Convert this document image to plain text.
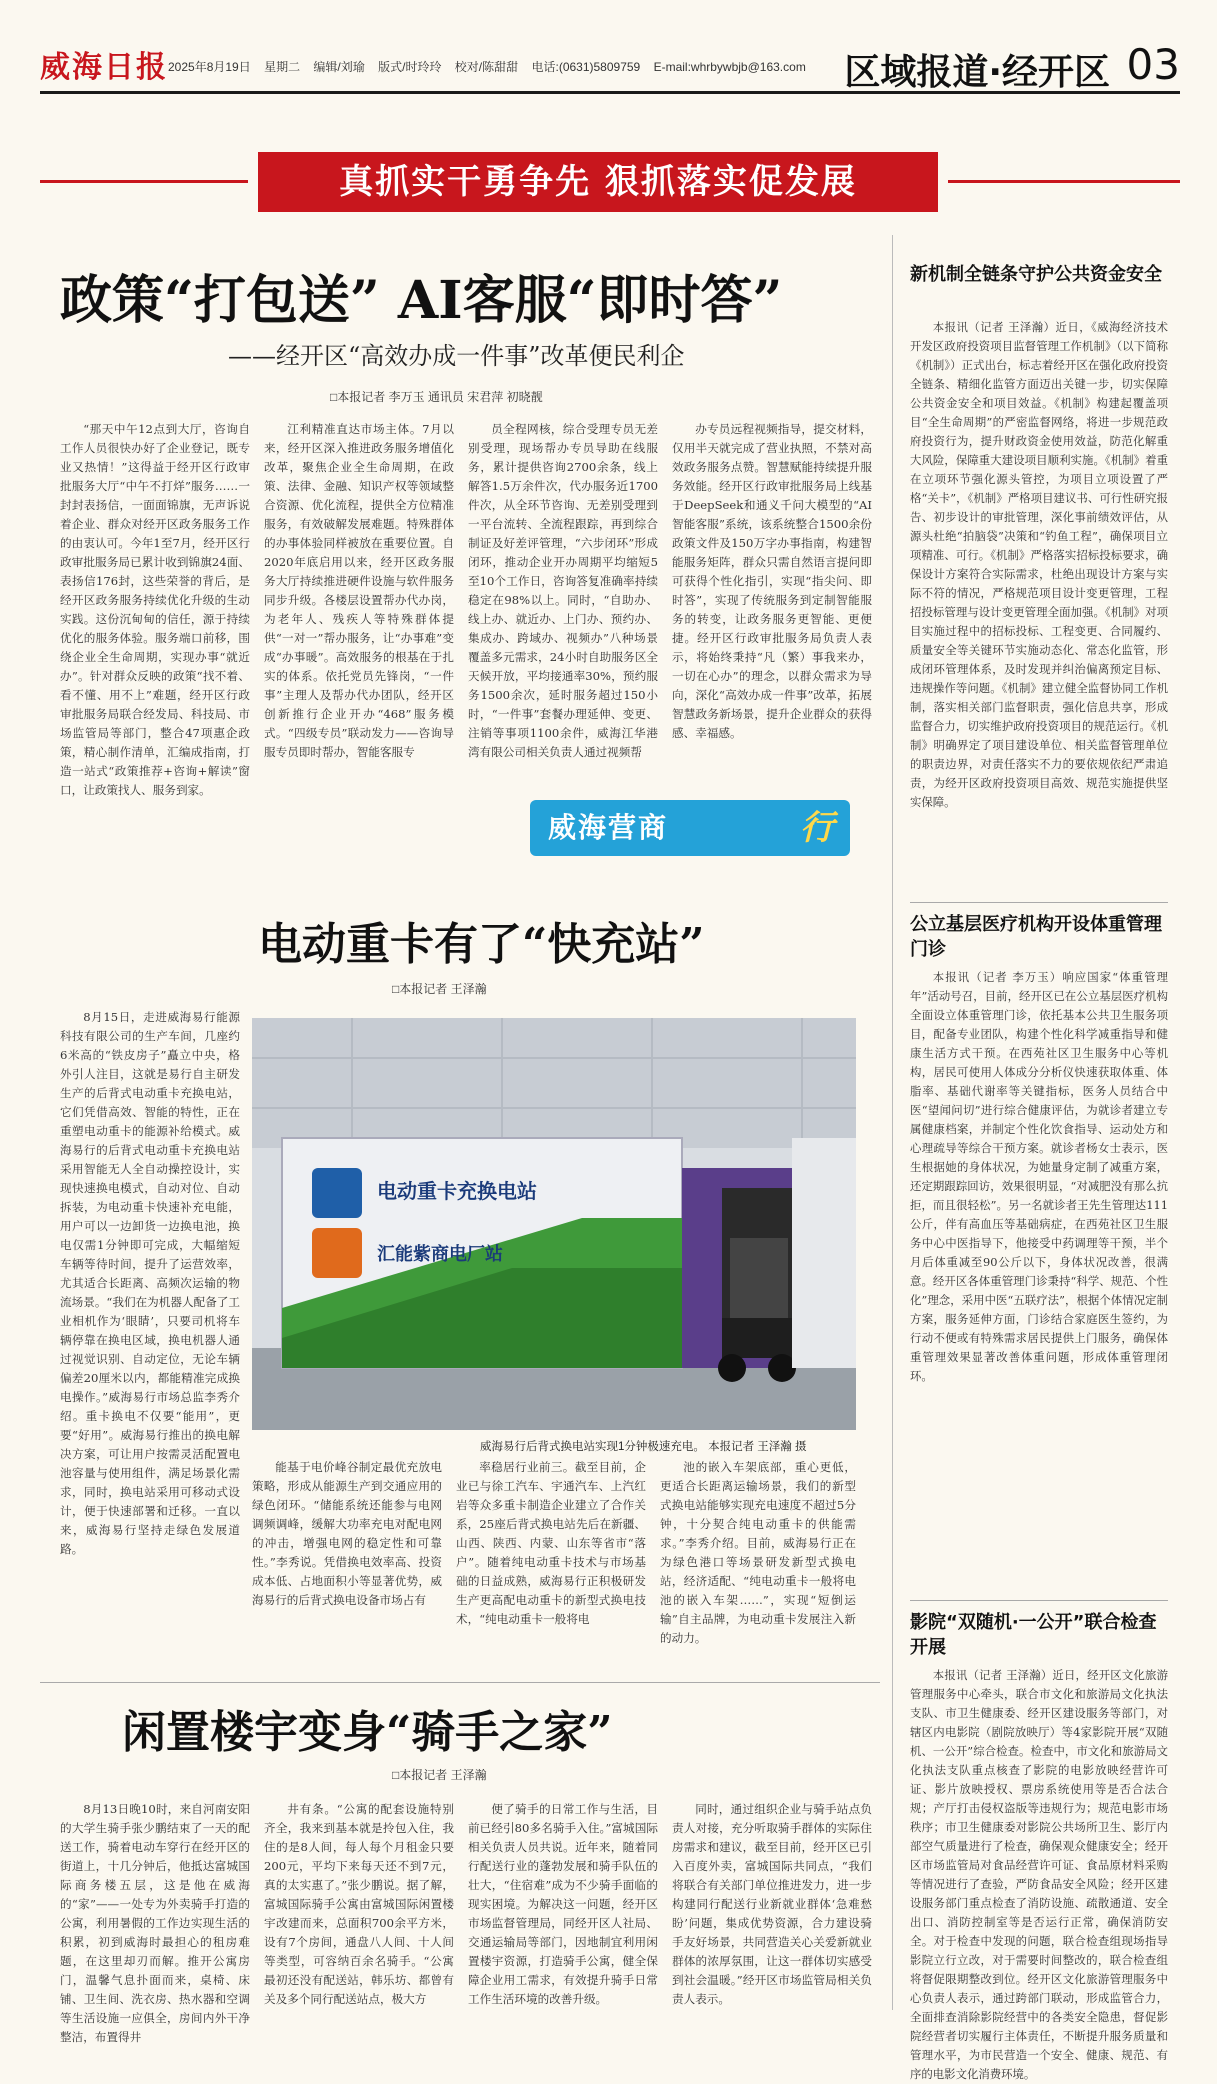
威海日报 2025年8月19日 星期二 编辑/刘瑜 版式/时玲玲 校对/陈甜甜 电话:(0631)5809759 E-mail:whrbywbjb@163.com 区域报道·经开区 03
真抓实干勇争先 狠抓落实促发展
政策“打包送” AI客服“即时答”
——经开区“高效办成一件事”改革便民利企
□本报记者 李万玉 通讯员 宋君萍 初晓靓

“那天中午12点到大厅，咨询自工作人员很快办好了企业登记，既专业又热情！”这得益于经开区行政审批服务大厅“中午不打烊”服务……一封封表扬信，一面面锦旗，无声诉说着企业、群众对经开区政务服务工作的由衷认可。今年1至7月，经开区行政审批服务局已累计收到锦旗24面、表扬信176封，这些荣誉的背后，是经开区政务服务持续优化升级的生动实践。这份沉甸甸的信任，源于持续优化的服务体验。服务端口前移，围绕企业全生命周期，实现办事“就近办”。针对群众反映的政策“找不着、看不懂、用不上”难题，经开区行政审批服务局联合经发局、科技局、市场监管局等部门，整合47项惠企政策，精心制作清单，汇编成指南，打造一站式“政策推荐+咨询+解读”窗口，让政策找人、服务到家。

江利精准直达市场主体。7月以来，经开区深入推进政务服务增值化改革，聚焦企业全生命周期，在政策、法律、金融、知识产权等领域整合资源、优化流程，提供全方位精准服务，有效破解发展难题。特殊群体的办事体验同样被放在重要位置。自2020年底启用以来，经开区政务服务大厅持续推进硬件设施与软件服务同步升级。各楼层设置帮办代办岗，为老年人、残疾人等特殊群体提供“一对一”帮办服务，让“办事难”变成“办事暖”。高效服务的根基在于扎实的体系。依托党员先锋岗，“一件事”主理人及帮办代办团队，经开区创新推行企业开办“468”服务模式。“四级专员”联动发力——咨询导服专员即时帮办，智能客服专

员全程网核，综合受理专员无差别受理，现场帮办专员导助在线服务，累计提供咨询2700余条，线上解答1.5万余件次，代办服务近1700件次，从全环节咨询、无差别受理到一平台流转、全流程跟踪，再到综合制证及好差评管理，“六步闭环”形成闭环，推动企业开办周期平均缩短5至10个工作日，咨询答复准确率持续稳定在98%以上。同时，“自助办、线上办、就近办、上门办、预约办、集成办、跨域办、视频办”八种场景覆盖多元需求，24小时自助服务区全天候开放，平均接通率30%，预约服务1500余次，延时服务超过150小时，“一件事”套餐办理延伸、变更、注销等事项1100余件，威海江华港湾有限公司相关负责人通过视频帮

办专员远程视频指导，提交材料，仅用半天就完成了营业执照，不禁对高效政务服务点赞。智慧赋能持续提升服务效能。经开区行政审批服务局上线基于DeepSeek和通义千问大模型的“AI智能客服”系统，该系统整合1500余份政策文件及150万字办事指南，构建智能服务矩阵，群众只需自然语言提问即可获得个性化指引，实现“指尖问、即时答”，实现了传统服务到定制智能服务的转变，让政务服务更智能、更便捷。经开区行政审批服务局负责人表示，将始终秉持“凡（繁）事我来办，一切在心办”的理念，以群众需求为导向，深化“高效办成一件事”改革，拓展智慧政务新场景，提升企业群众的获得感、幸福感。

威海营商	行
电动重卡有了“快充站”
□本报记者 王泽瀚

8月15日，走进威海易行能源科技有限公司的生产车间，几座约6米高的“铁皮房子”矗立中央，格外引人注目，这就是易行自主研发生产的后背式电动重卡充换电站，它们凭借高效、智能的特性，正在重塑电动重卡的能源补给模式。威海易行的后背式电动重卡充换电站采用智能无人全自动操控设计，实现快速换电模式，自动对位、自动拆装，为电动重卡快速补充电能，用户可以一边卸货一边换电池，换电仅需1分钟即可完成，大幅缩短车辆等待时间，提升了运营效率，尤其适合长距离、高频次运输的物流场景。“我们在为机器人配备了工业相机作为‘眼睛’，只要司机将车辆停靠在换电区域，换电机器人通过视觉识别、自动定位，无论车辆偏差20厘米以内，都能精准完成换电操作。”威海易行市场总监李秀介绍。重卡换电不仅要“能用”，更要“好用”。威海易行推出的换电解决方案，可让用户按需灵活配置电池容量与使用组件，满足场景化需求，同时，换电站采用可移动式设计，便于快速部署和迁移。一直以来，威海易行坚持走绿色发展道路。

电动重卡充换电站
汇能紫商电厂站
威海易行后背式换电站实现1分钟极速充电。 本报记者 王泽瀚 摄

能基于电价峰谷制定最优充放电策略，形成从能源生产到交通应用的绿色闭环。“储能系统还能参与电网调频调峰，缓解大功率充电对配电网的冲击，增强电网的稳定性和可靠性。”李秀说。凭借换电效率高、投资成本低、占地面积小等显著优势，威海易行的后背式换电设备市场占有

率稳居行业前三。截至目前，企业已与徐工汽车、宇通汽车、上汽红岩等众多重卡制造企业建立了合作关系，25座后背式换电站先后在新疆、山西、陕西、内蒙、山东等省市“落户”。随着纯电动重卡技术与市场基础的日益成熟，威海易行正积极研发生产更高配电动重卡的新型式换电技术，“纯电动重卡一般将电

池的嵌入车架底部，重心更低，更适合长距离运输场景，我们的新型式换电站能够实现充电速度不超过5分钟，十分契合纯电动重卡的供能需求。”李秀介绍。目前，威海易行正在为绿色港口等场景研发新型式换电站，经济适配、“纯电动重卡一般将电池的嵌入车架……”，实现“短倒运输”自主品牌，为电动重卡发展注入新的动力。

闲置楼宇变身“骑手之家”
□本报记者 王泽瀚

8月13日晚10时，来自河南安阳的大学生骑手张少鹏结束了一天的配送工作，骑着电动车穿行在经开区的街道上，十几分钟后，他抵达富城国际商务楼五层，这是他在威海的“家”——一处专为外卖骑手打造的公寓，利用暑假的工作边实现生活的积累，初到威海时最担心的租房难题，在这里却刃而解。推开公寓房门，温馨气息扑面而来，桌椅、床铺、卫生间、洗衣房、热水器和空调等生活设施一应俱全，房间内外干净整洁，布置得井

井有条。“公寓的配套设施特别齐全，我来到基本就是拎包入住，我住的是8人间，每人每个月租金只要200元，平均下来每天还不到7元，真的太实惠了。”张少鹏说。据了解，富城国际骑手公寓由富城国际闲置楼宇改建而来，总面积700余平方米，设有7个房间，通盘八人间、十人间等类型，可容纳百余名骑手。“公寓最初还没有配送站，韩乐坊、都曾有关及多个同行配送站点，极大方

便了骑手的日常工作与生活，目前已经引80多名骑手入住。”富城国际相关负责人员共说。近年来，随着同行配送行业的蓬勃发展和骑手队伍的壮大，“住宿难”成为不少骑手面临的现实困境。为解决这一问题，经开区市场监督管理局，同经开区人社局、交通运输局等部门，因地制宜利用闲置楼宇资源，打造骑手公寓，健全保障企业用工需求，有效提升骑手日常工作生活环境的改善升级。

同时，通过组织企业与骑手站点负责人对接，充分听取骑手群体的实际住房需求和建议，截至目前，经开区已引入百度外卖，富城国际共同点，“我们将联合有关部门单位推进发力，进一步构建同行配送行业新就业群体‘急难愁盼’问题，集成优势资源，合力建设骑手友好场景，共同营造关心关爱新就业群体的浓厚氛围，让这一群体切实感受到社会温暖。”经开区市场监管局相关负责人表示。

新机制全链条守护公共资金安全

本报讯（记者 王泽瀚）近日，《威海经济技术开发区政府投资项目监督管理工作机制》（以下简称《机制》）正式出台，标志着经开区在强化政府投资全链条、精细化监管方面迈出关键一步，切实保障公共资金安全和项目效益。《机制》构建起覆盖项目“全生命周期”的严密监督网络，将进一步规范政府投资行为，提升财政资金使用效益，防范化解重大风险，保障重大建设项目顺利实施。《机制》着重在立项环节强化源头管控，为项目立项设置了严格“关卡”，《机制》严格项目建议书、可行性研究报告、初步设计的审批管理，深化事前绩效评估，从源头杜绝“拍脑袋”决策和“钓鱼工程”，确保项目立项精准、可行。《机制》严格落实招标投标要求，确保设计方案符合实际需求，杜绝出现设计方案与实际不符的情况，严格规范项目设计变更管理，工程招投标管理与设计变更管理全面加强。《机制》对项目实施过程中的招标投标、工程变更、合同履约、质量安全等关键环节实施动态化、常态化监管，形成闭环管理体系，及时发现并纠治偏离预定目标、违规操作等问题。《机制》建立健全监督协同工作机制，落实相关部门监督职责，强化信息共享，形成监督合力，切实维护政府投资项目的规范运行。《机制》明确界定了项目建设单位、相关监督管理单位的职责边界，对责任落实不力的要依规依纪严肃追责，为经开区政府投资项目高效、规范实施提供坚实保障。

公立基层医疗机构开设体重管理门诊

本报讯（记者 李万玉）响应国家“体重管理年”活动号召，目前，经开区已在公立基层医疗机构全面设立体重管理门诊，依托基本公共卫生服务项目，配备专业团队，构建个性化科学减重指导和健康生活方式干预。在西苑社区卫生服务中心等机构，居民可使用人体成分分析仪快速获取体重、体脂率、基础代谢率等关键指标，医务人员结合中医“望闻问切”进行综合健康评估，为就诊者建立专属健康档案，并制定个性化饮食指导、运动处方和心理疏导等综合干预方案。就诊者杨女士表示，医生根据她的身体状况，为她量身定制了减重方案，还定期跟踪回访，效果很明显，“对减肥没有那么抗拒，而且很轻松”。另一名就诊者王先生管理达111公斤，伴有高血压等基础病症，在西苑社区卫生服务中心中医指导下，他接受中药调理等干预，半个月后体重减至90公斤以下，身体状况改善，很满意。经开区各体重管理门诊秉持“科学、规范、个性化”理念，采用中医“五联疗法”，根据个体情况定制方案，服务延伸方面，门诊结合家庭医生签约，为行动不便或有特殊需求居民提供上门服务，确保体重管理效果显著改善体重问题，形成体重管理闭环。

影院“双随机·一公开”联合检查开展

本报讯（记者 王泽瀚）近日，经开区文化旅游管理服务中心牵头，联合市文化和旅游局文化执法支队、市卫生健康委、经开区建设服务等部门，对辖区内电影院（剧院放映厅）等4家影院开展“双随机、一公开”综合检查。检查中，市文化和旅游局文化执法支队重点核查了影院的电影放映经营许可证、影片放映授权、票房系统使用等是否合法合规；产厅打击侵权盗版等违规行为；规范电影市场秩序；市卫生健康委对影院公共场所卫生、影厅内部空气质量进行了检查，确保观众健康安全；经开区市场监管局对食品经营许可证、食品原材料采购等情况进行了查验，严防食品安全风险；经开区建设服务部门重点检查了消防设施、疏散通道、安全出口、消防控制室等是否运行正常，确保消防安全。对于检查中发现的问题，联合检查组现场指导影院立行立改，对于需要时间整改的，联合检查组将督促限期整改到位。经开区文化旅游管理服务中心负责人表示，通过跨部门联动，形成监管合力，全面排查消除影院经营中的各类安全隐患，督促影院经营者切实履行主体责任，不断提升服务质量和管理水平，为市民营造一个安全、健康、规范、有序的电影文化消费环境。
